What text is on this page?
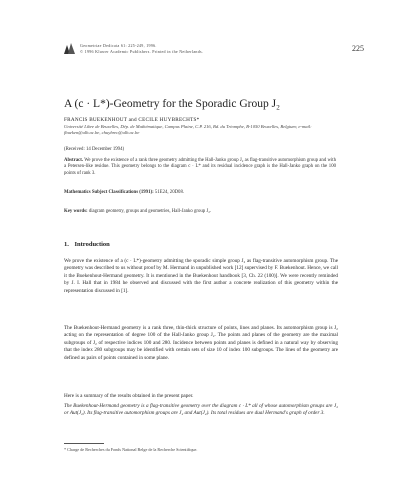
Geometriae Dedicata 61: 225-249, 1996.
© 1996 Kluwer Academic Publishers. Printed in the Netherlands.	225
A (c · L*)-Geometry for the Sporadic Group J₂
FRANCIS BUEKENHOUT and CECILE HUYBRECHTS*
Université Libre de Bruxelles, Dép. de Mathématique, Campus Plaine, C.P. 216, Bd. du Triomphe, B-1050 Bruxelles, Belgium; e-mail: fbueken@ulb.ac.be, chuybrec@ulb.ac.be
(Received: 14 December 1994)
Abstract. We prove the existence of a rank three geometry admitting the Hall-Janko group J₂ as flag-transitive automorphism group and with a Petersen-like residue. This geometry belongs to the diagram c · L* and its residual incidence graph is the Hall-Janko graph on the 100 points of rank 3.
Mathematics Subject Classifications (1991): 51E24, 20D08.
Key words: diagram geometry, groups and geometries, Hall-Janko group J₂.
1. Introduction

We prove the existence of a (c · L*)-geometry admitting the sporadic simple group J₂ as flag-transitive automorphism group. The geometry was described to us without proof by M. Hermand in unpublished work [12] supervised by F. Buekenhout. Hence, we call it the Buekenhout-Hermand geometry. It is mentioned in the Buekenhout handbook [3, Ch. 22 (100)]. We were recently reminded by J. I. Hall that in 1984 he observed and discussed with the first author a concrete realization of this geometry within the representation discussed in [1].

The Buekenhout-Hermand geometry is a rank three, thin-thick structure of points, lines and planes. Its automorphism group is J₂ acting on the representation of degree 100 of the Hall-Janko group J₂. The points and planes of the geometry are the maximal subgroups of J₂ of respective indices 100 and 280. Incidence between points and planes is defined in a natural way by observing that the index 280 subgroups may be identified with certain sets of size 10 of index 100 subgroups. The lines of the geometry are defined as pairs of points contained in some plane.

Here is a summary of the results obtained in the present paper.

The Buekenhout-Hermand geometry is a flag-transitive geometry over the diagram c · L* all of whose automorphism groups are J₂ or Aut(J₂). Its flag-transitive automorphism groups are J₂ and Aut(J₂). Its total residues are dual Hermand's graph of order 3.

* Charge de Recherches du Fonds National Belge de la Recherche Scientifique.
